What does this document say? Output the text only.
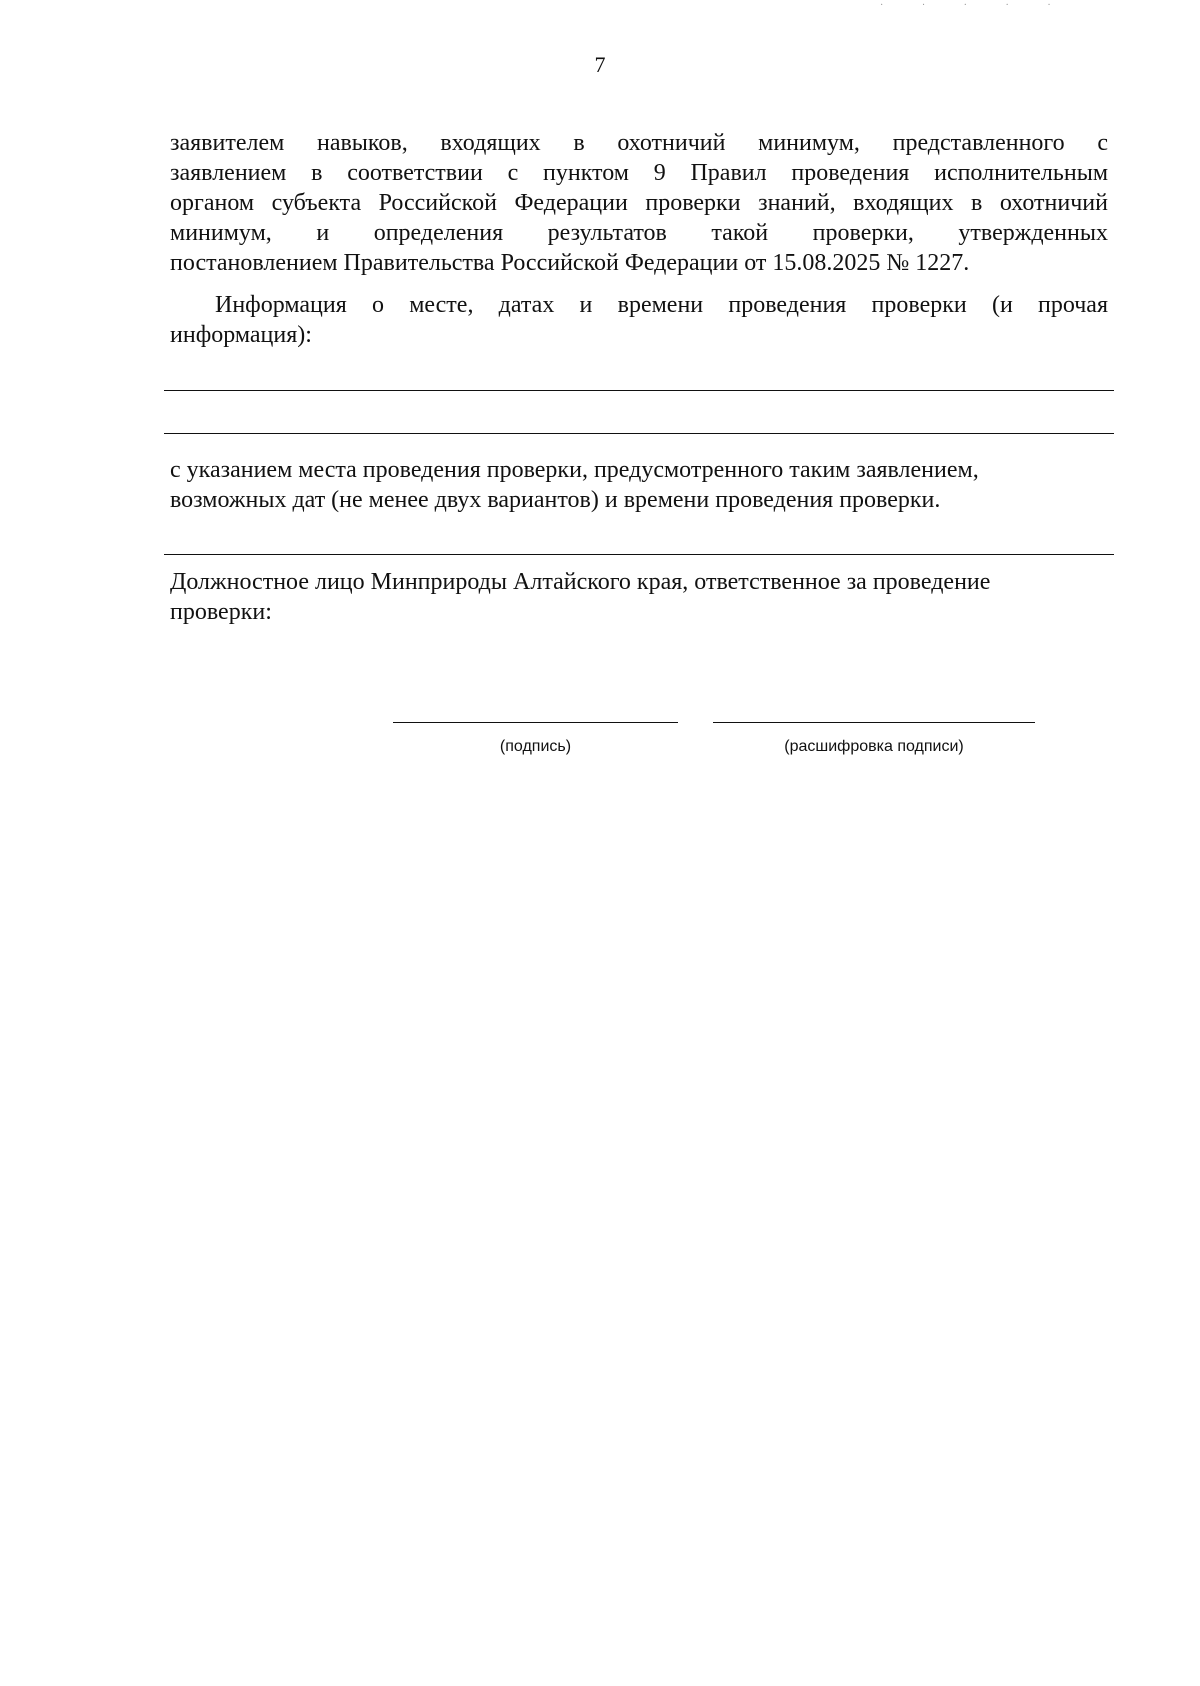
· · · · ·
7
заявителем навыков, входящих в охотничий минимум, представленного с
заявлением в соответствии с пунктом 9 Правил проведения исполнительным
органом субъекта Российской Федерации проверки знаний, входящих в охотничий
минимум, и определения результатов такой проверки, утвержденных
постановлением Правительства Российской Федерации от 15.08.2025 № 1227.
Информация о месте, датах и времени проведения проверки (и прочая
информация):
с указанием места проведения проверки, предусмотренного таким заявлением,
возможных дат (не менее двух вариантов) и времени проведения проверки.
Должностное лицо Минприроды Алтайского края, ответственное за проведение
проверки:
(подпись)	(расшифровка подписи)
